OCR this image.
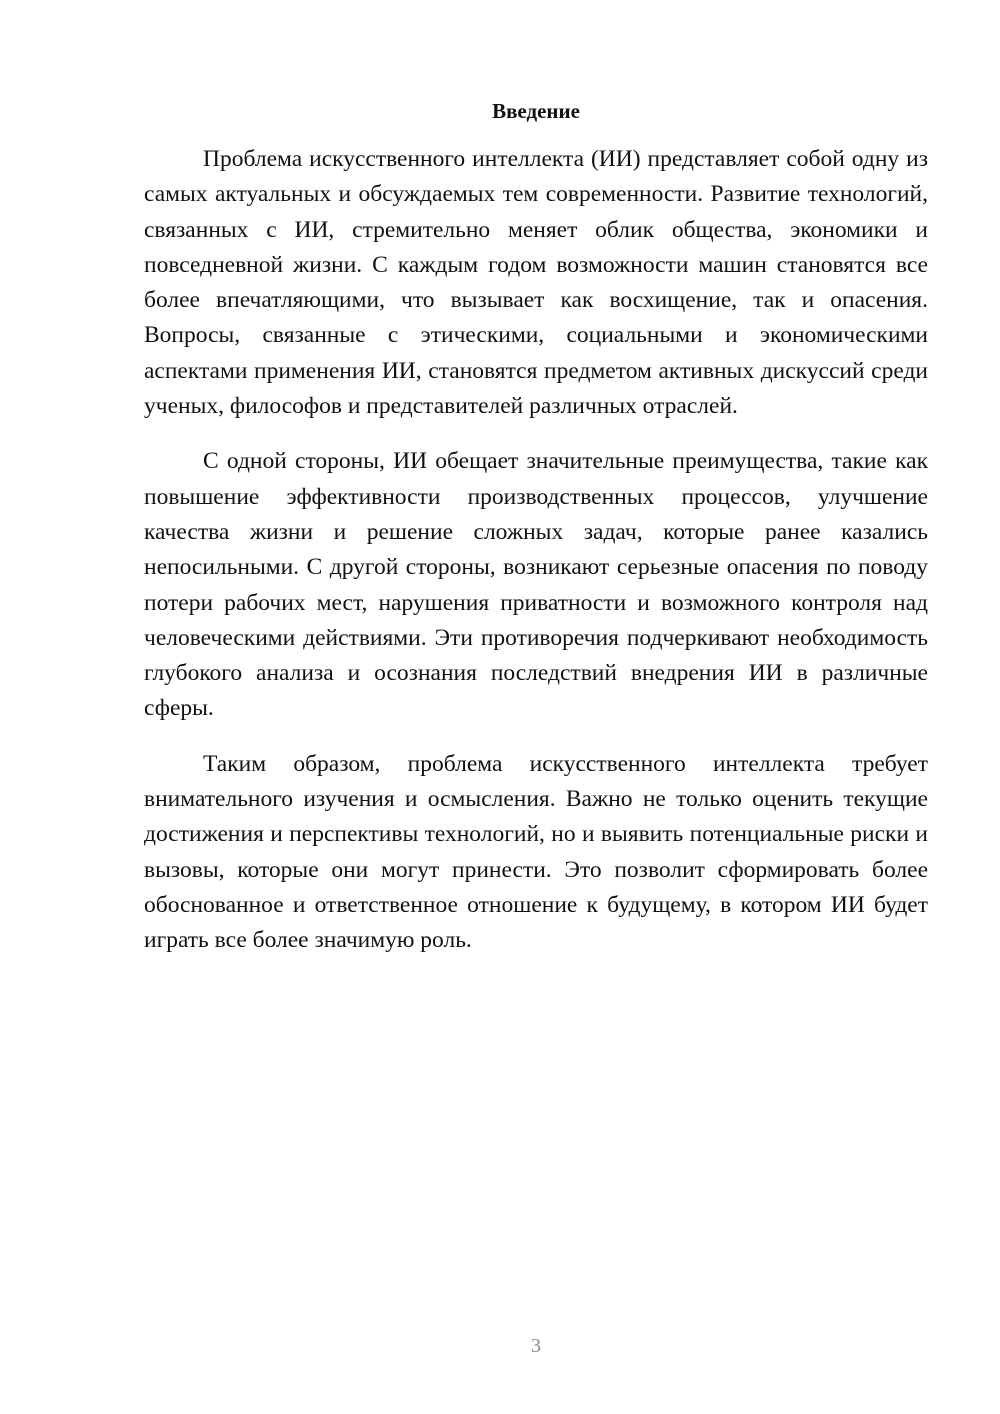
Введение

Проблема искусственного интеллекта (ИИ) представляет собой одну из самых актуальных и обсуждаемых тем современности. Развитие технологий, связанных с ИИ, стремительно меняет облик общества, экономики и повседневной жизни. С каждым годом возможности машин становятся все более впечатляющими, что вызывает как восхищение, так и опасения. Вопросы, связанные с этическими, социальными и экономическими аспектами применения ИИ, становятся предметом активных дискуссий среди ученых, философов и представителей различных отраслей.

С одной стороны, ИИ обещает значительные преимущества, такие как повышение эффективности производственных процессов, улучшение качества жизни и решение сложных задач, которые ранее казались непосильными. С другой стороны, возникают серьезные опасения по поводу потери рабочих мест, нарушения приватности и возможного контроля над человеческими действиями. Эти противоречия подчеркивают необходимость глубокого анализа и осознания последствий внедрения ИИ в различные сферы.

Таким образом, проблема искусственного интеллекта требует внимательного изучения и осмысления. Важно не только оценить текущие достижения и перспективы технологий, но и выявить потенциальные риски и вызовы, которые они могут принести. Это позволит сформировать более обоснованное и ответственное отношение к будущему, в котором ИИ будет играть все более значимую роль.

3
